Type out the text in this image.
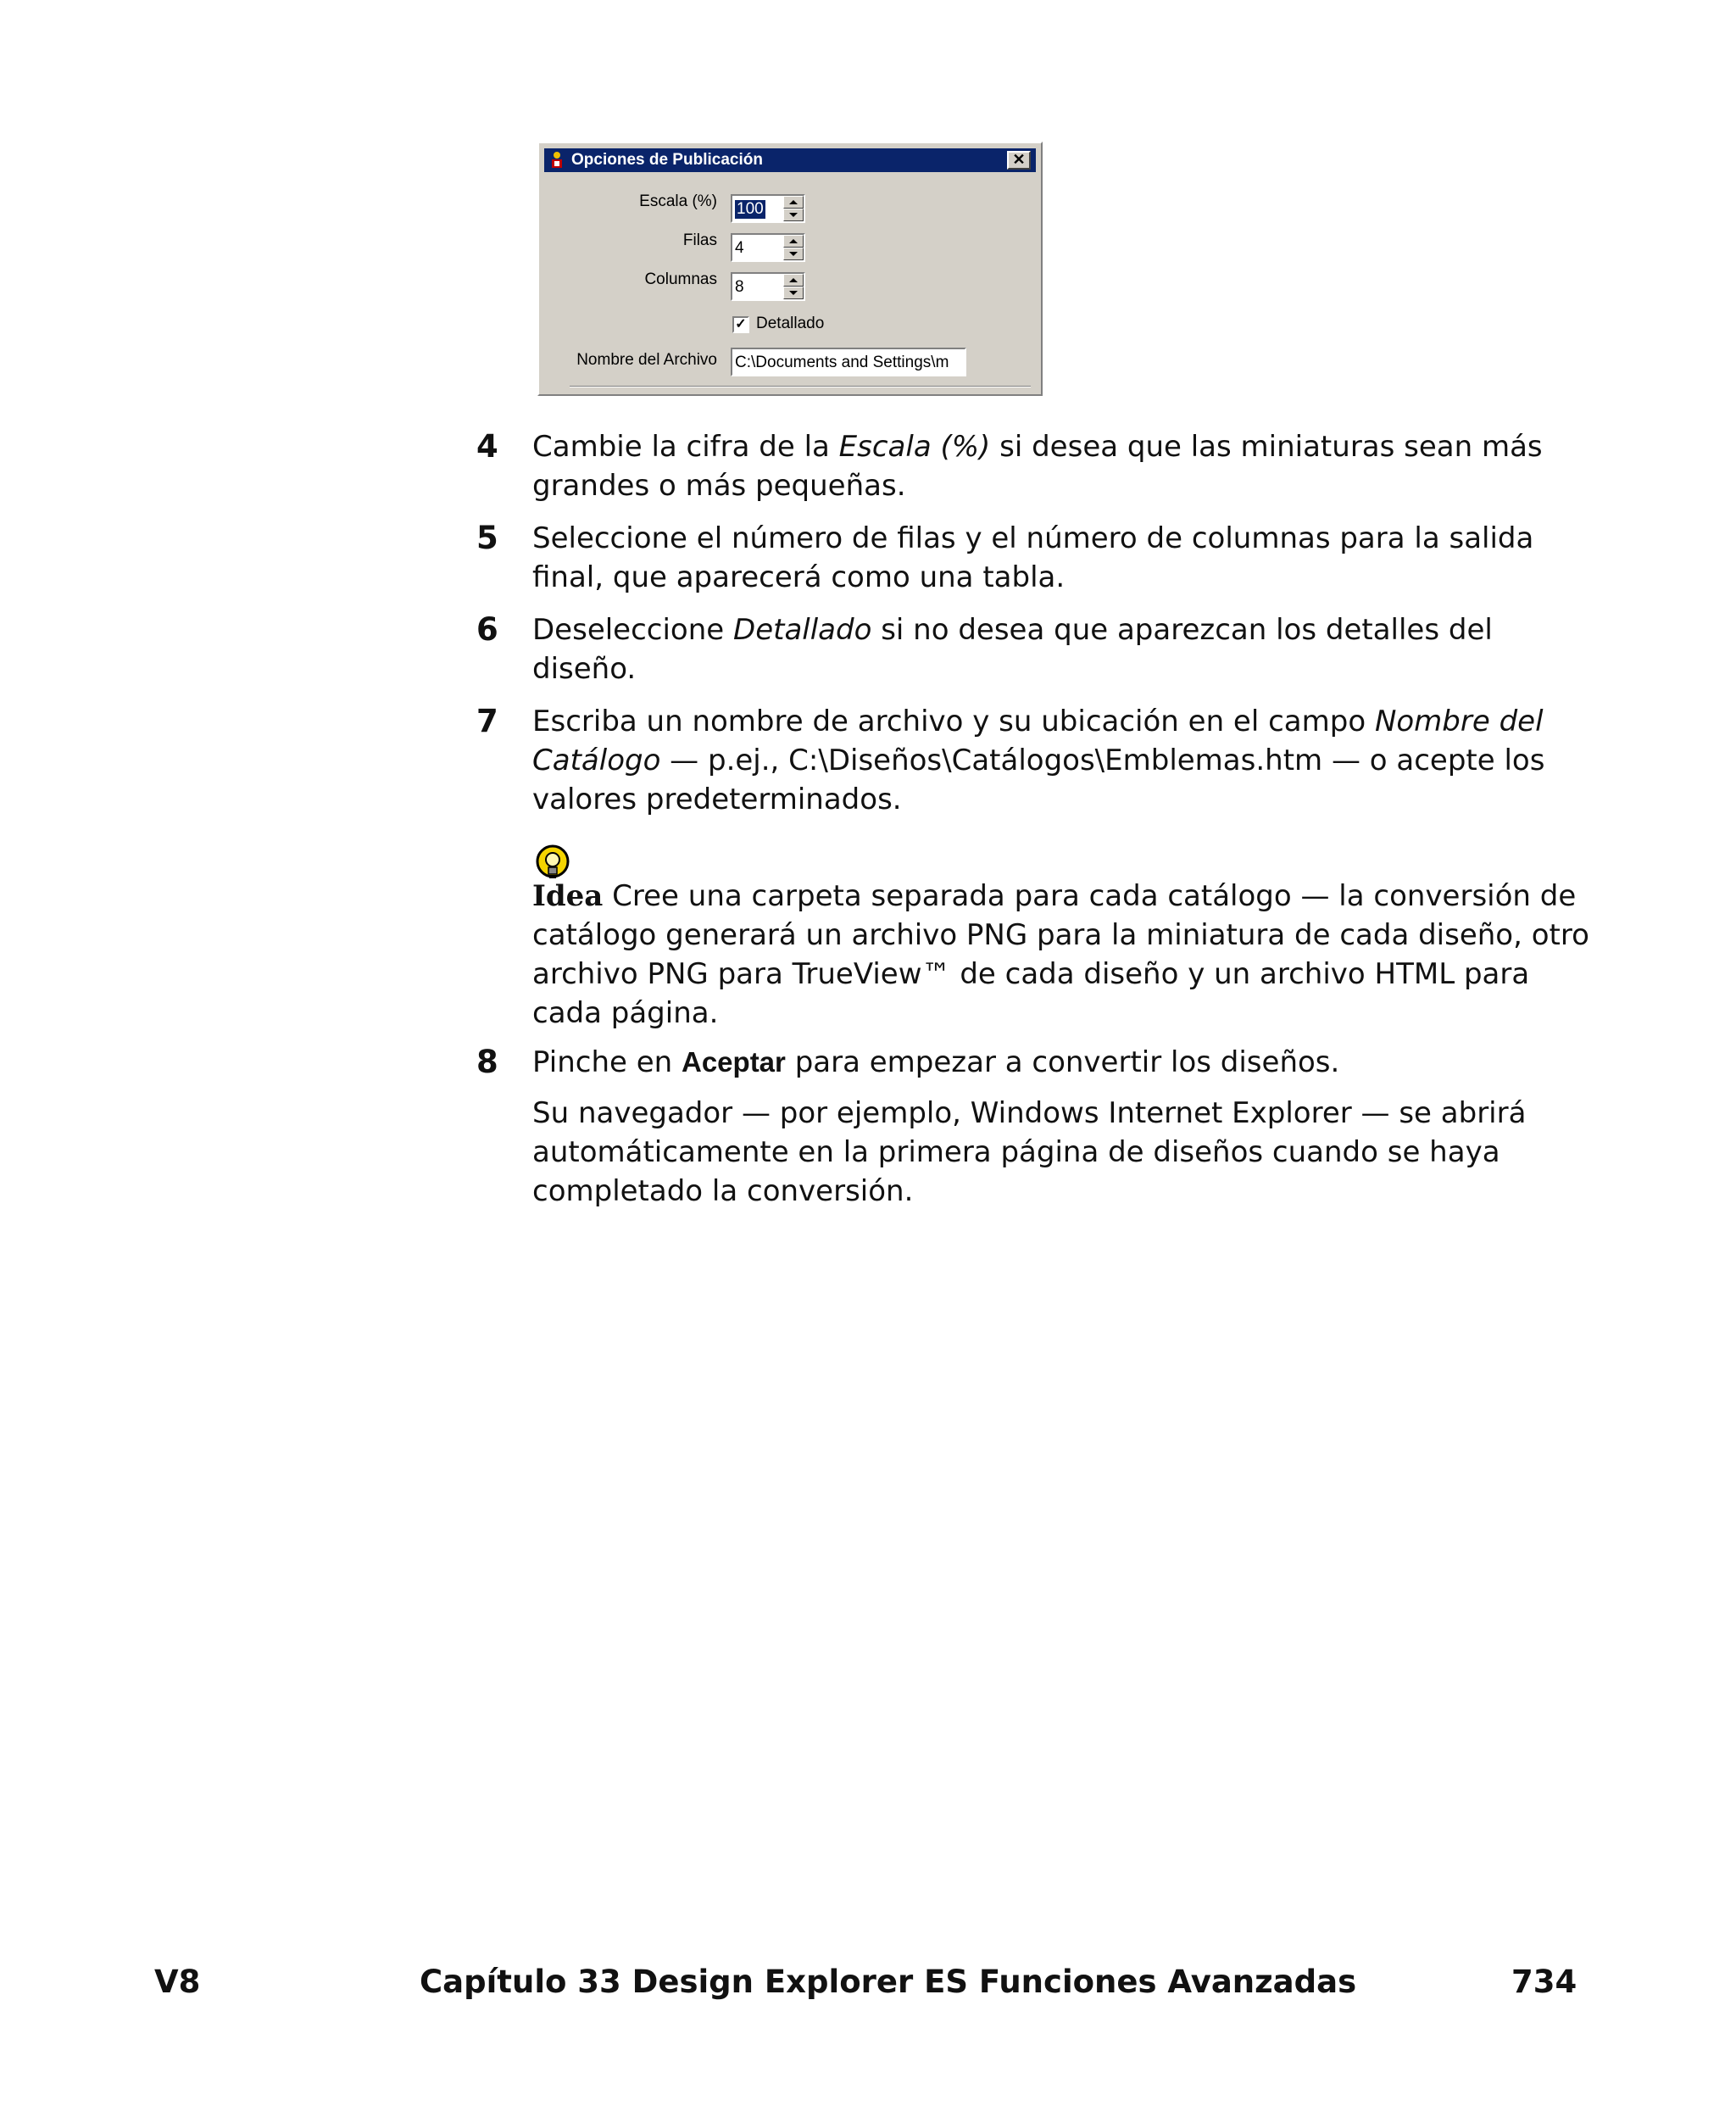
Opciones de Publicación	✕
Escala (%) 100
Filas 4
Columnas 8
✓ Detallado
Nombre del Archivo C:\Documents and Settings\m
4 Cambie la cifra de la Escala (%) si desea que las miniaturas sean más grandes o más pequeñas.
5 Seleccione el número de filas y el número de columnas para la salida final, que aparecerá como una tabla.
6 Deseleccione Detallado si no desea que aparezcan los detalles del diseño.
7 Escriba un nombre de archivo y su ubicación en el campo Nombre del Catálogo — p.ej., C:\Diseños\Catálogos\Emblemas.htm — o acepte los valores predeterminados.
Idea Cree una carpeta separada para cada catálogo — la conversión de catálogo generará un archivo PNG para la miniatura de cada diseño, otro archivo PNG para TrueView™ de cada diseño y un archivo HTML para cada página.
8 Pinche en Aceptar para empezar a convertir los diseños.
Su navegador — por ejemplo, Windows Internet Explorer — se abrirá automáticamente en la primera página de diseños cuando se haya completado la conversión.
V8	Capítulo 33 Design Explorer ES Funciones Avanzadas	734
